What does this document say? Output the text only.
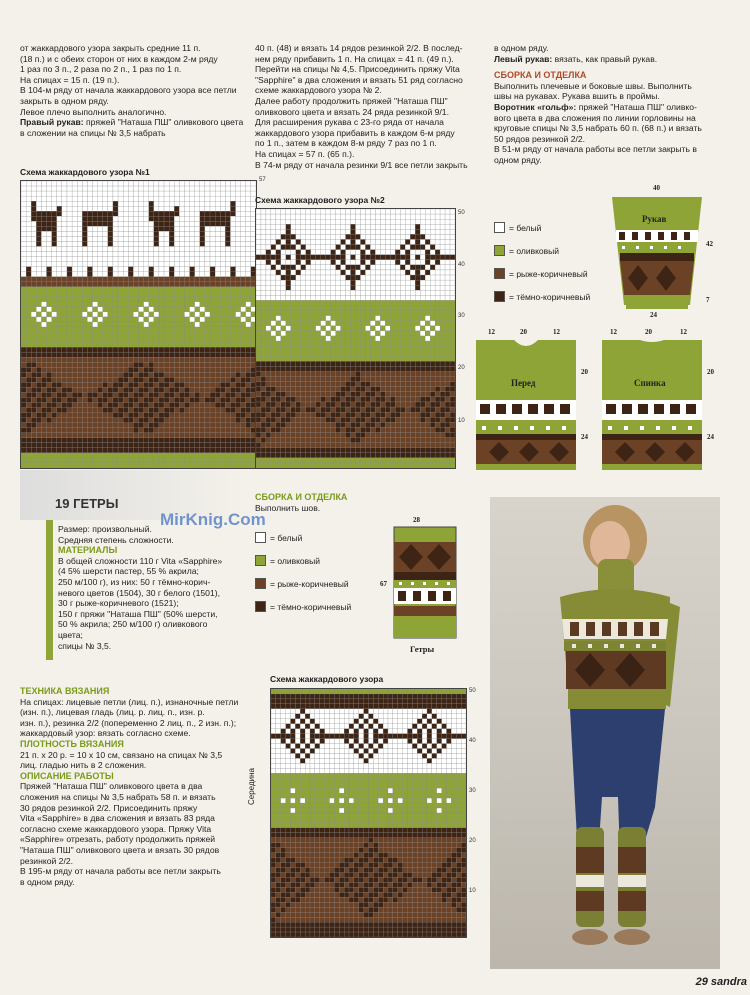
от жаккардового узора закрыть средние 11 п.

(18 п.) и с обеих сторон от них в каждом 2-м ряду

1 раз по 3 п., 2 раза по 2 п., 1 раз по 1 п.

На спицах = 15 п. (19 п.).

В 104-м ряду от начала жаккардового узора все петли

закрыть в одном ряду.

Левое плечо выполнить аналогично.

Правый рукав: пряжей "Наташа ПШ" оливкового цвета в сложении на спицы № 3,5 набрать

40 п. (48) и вязать 14 рядов резинкой 2/2. В послед-

нем ряду прибавить 1 п. На спицах = 41 п. (49 п.).

Перейти на спицы № 4,5. Присоединить пряжу Vita

"Sapphire" в два сложения и вязать 51 ряд согласно

схеме жаккардового узора № 2.

Далее работу продолжить пряжей "Наташа ПШ"

оливкового цвета и вязать 24 ряда резинкой 9/1.

Для расширения рукава с 23-го ряда от начала

жаккардового узора прибавить в каждом 6-м ряду

по 1 п., затем в каждом 8-м ряду 7 раз по 1 п.

На спицах = 57 п. (65 п.).

В 74-м ряду от начала резинки 9/1 все петли закрыть

в одном ряду.

Левый рукав: вязать, как правый рукав.

СБОРКА И ОТДЕЛКА

Выполнить плечевые и боковые швы. Выполнить

швы на рукавах. Рукава вшить в проймы.

Воротник «гольф»: пряжей "Наташа ПШ" оливко-

вого цвета в два сложения по линии горловины на

круговые спицы № 3,5 набрать 60 п. (68 п.) и вязать

50 рядов резинкой 2/2.

В 51-м ряду от начала работы все петли закрыть в

одном ряду.

Схема жаккардового узора №1
57
Схема жаккардового узора №2
50
40
30
20
10
= белый
= оливковый
= рыже-коричневый
= тёмно-коричневый
40
Рукав
42
7
24
12	20	12
Перед
20
24
12	20	12
Спинка
20
24
19 ГЕТРЫ
MirKnig.Com

Размер: произвольный.

Средняя степень сложности.

МАТЕРИАЛЫ

В общей сложности 110 г Vita «Sapphire»

(4 5% шерсти пастер, 55 % акрила;

250 м/100 г), из них: 50 г тёмно-корич-

невого цветов (1504), 30 г белого (1501),

30 г рыже-коричневого (1521);

150 г пряжи "Наташа ПШ" (50% шерсти,

50 % акрила; 250 м/100 г) оливкового

цвета;

спицы № 3,5.

ТЕХНИКА ВЯЗАНИЯ

На спицах: лицевые петли (лиц. п.), изнаночные петли

(изн. п.), лицевая гладь (лиц. р. лиц. п., изн. р.

изн. п.), резинка 2/2 (попеременно 2 лиц. п., 2 изн. п.);

жаккардовый узор: вязать согласно схеме.

ПЛОТНОСТЬ ВЯЗАНИЯ

21 п. х 20 р. = 10 х 10 см, связано на спицах № 3,5

лиц. гладью нить в 2 сложения.

ОПИСАНИЕ РАБОТЫ

Пряжей "Наташа ПШ" оливкового цвета в два

сложения на спицы № 3,5 набрать 58 п. и вязать

30 рядов резинкой 2/2. Присоединить пряжу

Vita «Sapphire» в два сложения и вязать 83 ряда

согласно схеме жаккардового узора. Пряжу Vita

«Sapphire» отрезать, работу продолжить пряжей

"Наташа ПШ" оливкового цвета и вязать 30 рядов

резинкой 2/2.

В 195-м ряду от начала работы все петли закрыть

в одном ряду.

СБОРКА И ОТДЕЛКА

Выполнить шов.

= белый
= оливковый
= рыже-коричневый
= тёмно-коричневый
28
67
Гетры
Схема жаккардового узора
50
40
30
20
10
Середина
29 sandra
